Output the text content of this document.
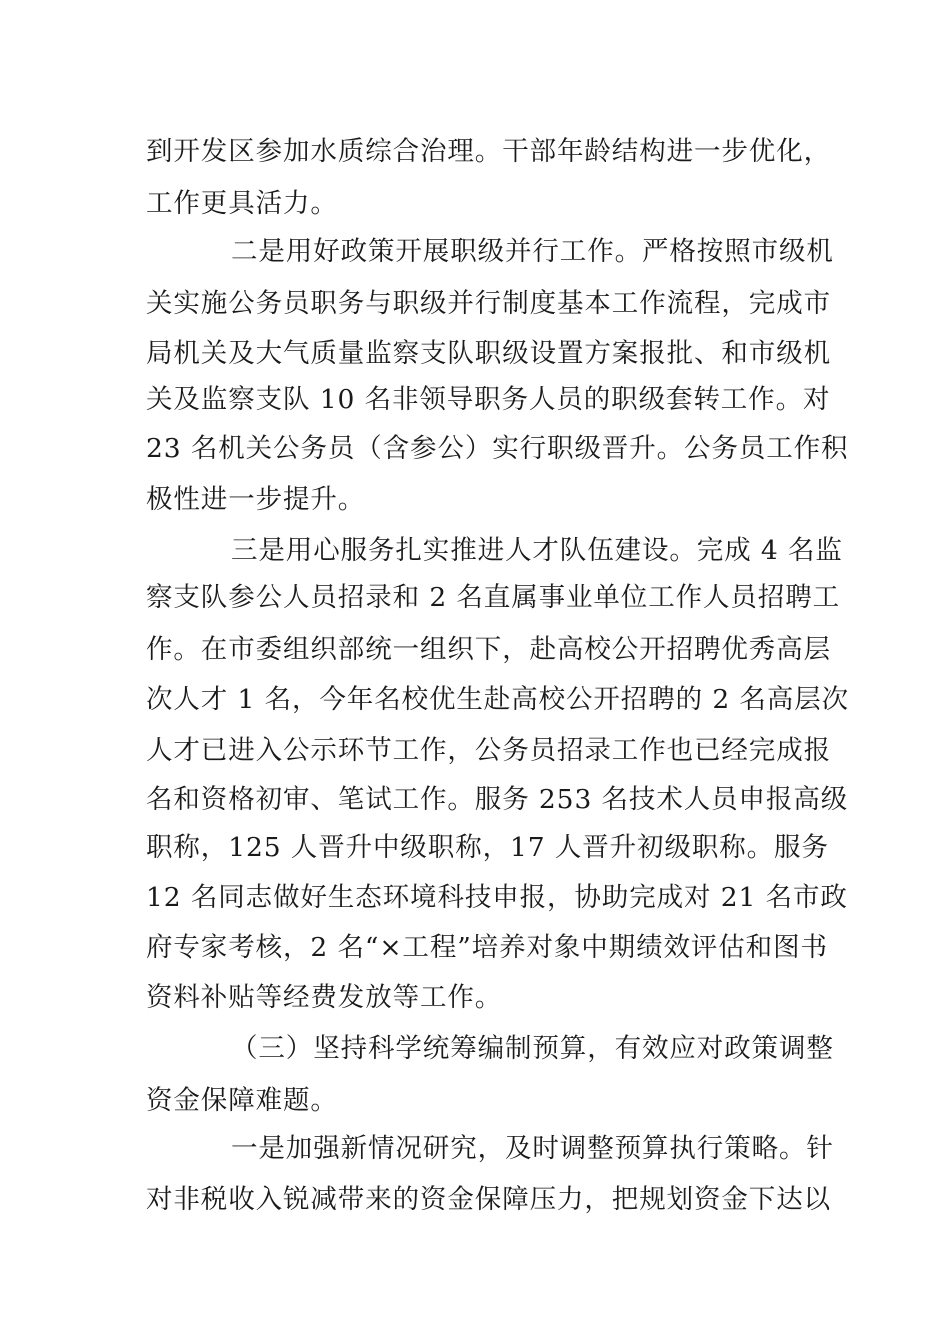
到开发区参加水质综合治理。干部年龄结构进一步优化，
工作更具活力。
二是用好政策开展职级并行工作。严格按照市级机
关实施公务员职务与职级并行制度基本工作流程，完成市
局机关及大气质量监察支队职级设置方案报批、和市级机
关及监察支队 10 名非领导职务人员的职级套转工作。对
23 名机关公务员（含参公）实行职级晋升。公务员工作积
极性进一步提升。
三是用心服务扎实推进人才队伍建设。完成 4 名监
察支队参公人员招录和 2 名直属事业单位工作人员招聘工
作。在市委组织部统一组织下，赴高校公开招聘优秀高层
次人才 1 名，今年名校优生赴高校公开招聘的 2 名高层次
人才已进入公示环节工作，公务员招录工作也已经完成报
名和资格初审、笔试工作。服务 253 名技术人员申报高级
职称，125 人晋升中级职称，17 人晋升初级职称。服务
12 名同志做好生态环境科技申报，协助完成对 21 名市政
府专家考核，2 名“×工程”培养对象中期绩效评估和图书
资料补贴等经费发放等工作。
（三）坚持科学统筹编制预算，有效应对政策调整
资金保障难题。
一是加强新情况研究，及时调整预算执行策略。针
对非税收入锐减带来的资金保障压力，把规划资金下达以
